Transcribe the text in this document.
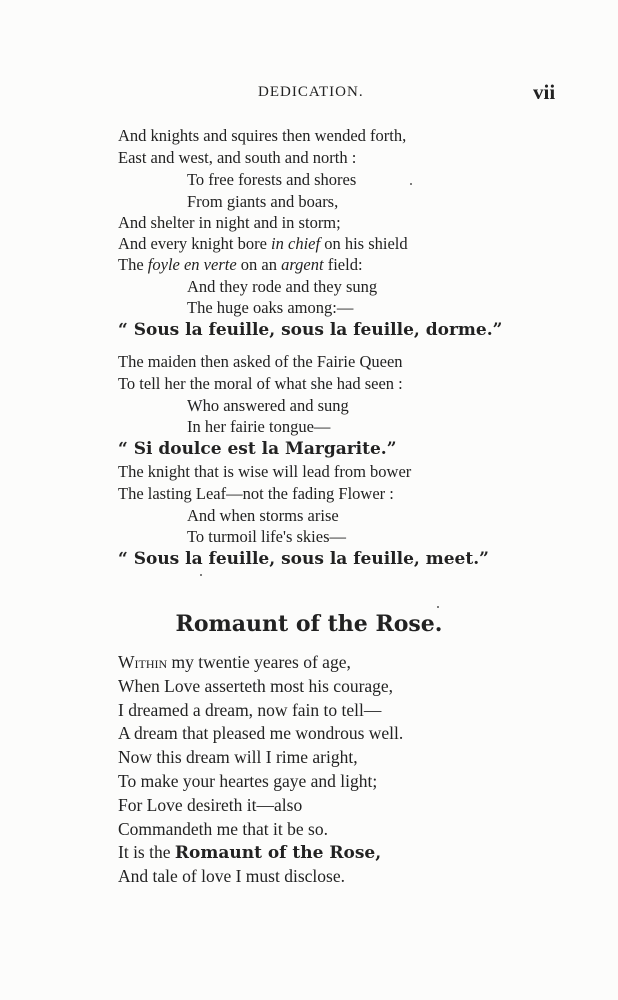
DEDICATION.	vii
And knights and squires then wended forth,
East and west, and south and north :
To free forests and shores
From giants and boars,
And shelter in night and in storm;
And every knight bore in chief on his shield
The foyle en verte on an argent field:
And they rode and they sung
The huge oaks among:—
“ Sous la feuille, sous la feuille, dorme.”
The maiden then asked of the Fairie Queen
To tell her the moral of what she had seen :
Who answered and sung
In her fairie tongue—
“ Si doulce est la Margarite.”
The knight that is wise will lead from bower
The lasting Leaf—not the fading Flower :
And when storms arise
To turmoil life's skies—
“ Sous la feuille, sous la feuille, meet.”
Romaunt of the Rose.
Within my twentie yeares of age,
When Love asserteth most his courage,
I dreamed a dream, now fain to tell—
A dream that pleased me wondrous well.
Now this dream will I rime aright,
To make your heartes gaye and light;
For Love desireth it—also
Commandeth me that it be so.
It is the Romaunt of the Rose,
And tale of love I must disclose.
